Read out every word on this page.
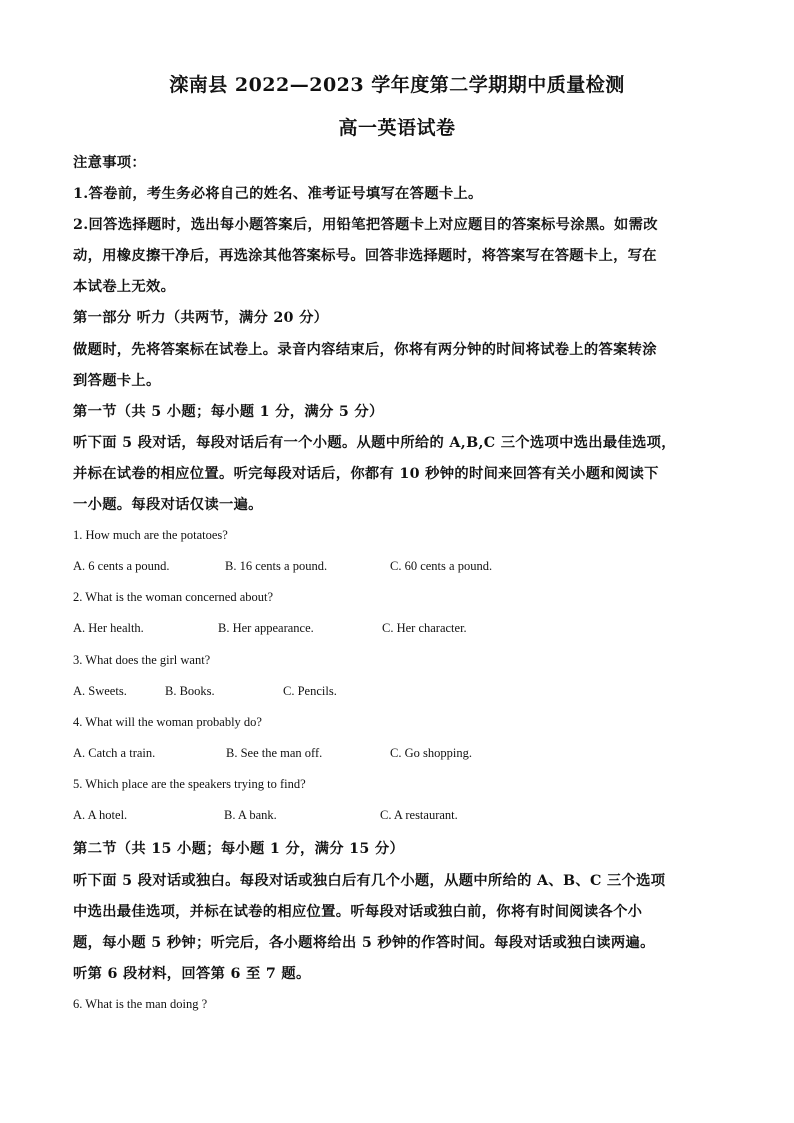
滦南县 2022—2023 学年度第二学期期中质量检测
高一英语试卷
注意事项：
1.答卷前，考生务必将自己的姓名、准考证号填写在答题卡上。
2.回答选择题时，选出每小题答案后，用铅笔把答题卡上对应题目的答案标号涂黑。如需改
动，用橡皮擦干净后，再选涂其他答案标号。回答非选择题时，将答案写在答题卡上，写在
本试卷上无效。
第一部分 听力（共两节，满分 20 分）
做题时，先将答案标在试卷上。录音内容结束后，你将有两分钟的时间将试卷上的答案转涂
到答题卡上。
第一节（共 5 小题；每小题 1 分，满分 5 分）
听下面 5 段对话，每段对话后有一个小题。从题中所给的 A,B,C 三个选项中选出最佳选项，
并标在试卷的相应位置。听完每段对话后，你都有 10 秒钟的时间来回答有关小题和阅读下
一小题。每段对话仅读一遍。
1. How much are the potatoes?
A. 6 cents a pound.	B. 16 cents a pound.	C. 60 cents a pound.
2. What is the woman concerned about?
A. Her health.	B. Her appearance.	C. Her character.
3. What does the girl want?
A. Sweets.	B. Books.	C. Pencils.
4. What will the woman probably do?
A. Catch a train.	B. See the man off.	C. Go shopping.
5. Which place are the speakers trying to find?
A. A hotel.	B. A bank.	C. A restaurant.
第二节（共 15 小题；每小题 1 分，满分 15 分）
听下面 5 段对话或独白。每段对话或独白后有几个小题，从题中所给的 A、B、C 三个选项
中选出最佳选项，并标在试卷的相应位置。听每段对话或独白前，你将有时间阅读各个小
题，每小题 5 秒钟；听完后，各小题将给出 5 秒钟的作答时间。每段对话或独白读两遍。
听第 6 段材料，回答第 6 至 7 题。
6. What is the man doing ?
